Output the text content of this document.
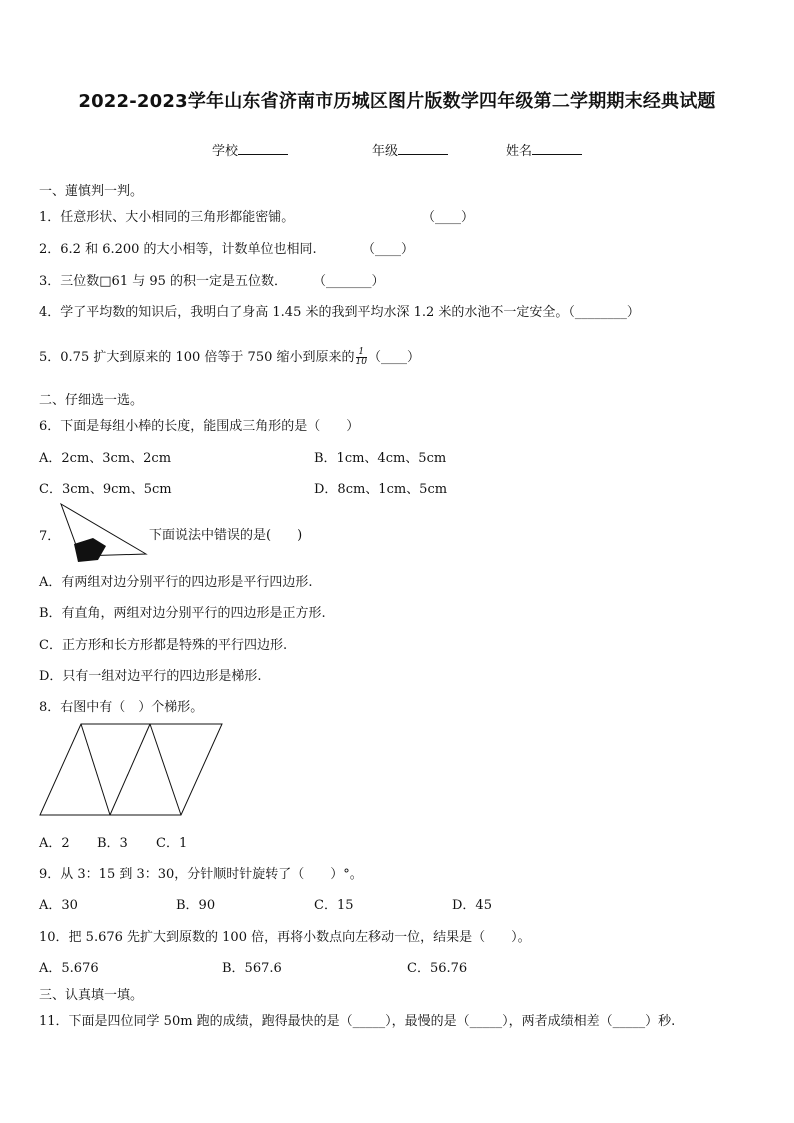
2022-2023学年山东省济南市历城区图片版数学四年级第二学期期末经典试题
学校	年级	姓名
一、蓮慎判一判。
1．任意形状、大小相同的三角形都能密铺。	（____）
2．6.2 和 6.200 的大小相等，计数单位也相同.	（____）
3．三位数□61 与 95 的积一定是五位数． （_______）
4．学了平均数的知识后，我明白了身高 1.45 米的我到平均水深 1.2 米的水池不一定安全。（________）
5．0.75 扩大到原来的 100 倍等于 750 缩小到原来的 $\frac{1}{10}$ （____）
二、仔细选一选。
6．下面是每组小棒的长度，能围成三角形的是（　　）
A．2cm、3cm、2cm	B．1cm、4cm、5cm
C．3cm、9cm、5cm	D．8cm、1cm、5cm
7．	下面说法中错误的是(　　)
A．有两组对边分别平行的四边形是平行四边形.
B．有直角，两组对边分别平行的四边形是正方形.
C．正方形和长方形都是特殊的平行四边形.
D．只有一组对边平行的四边形是梯形.
8．右图中有（　）个梯形。
A．2 B．3 C．1
9．从 3：15 到 3：30，分针顺时针旋转了（　　）°。
A．30	B．90	C．15	D．45
10．把 5.676 先扩大到原数的 100 倍，再将小数点向左移动一位，结果是（　　）。
A．5.676	B．567.6	C．56.76
三、认真填一填。
11．下面是四位同学 50m 跑的成绩，跑得最快的是（_____），最慢的是（_____），两者成绩相差（_____）秒.
